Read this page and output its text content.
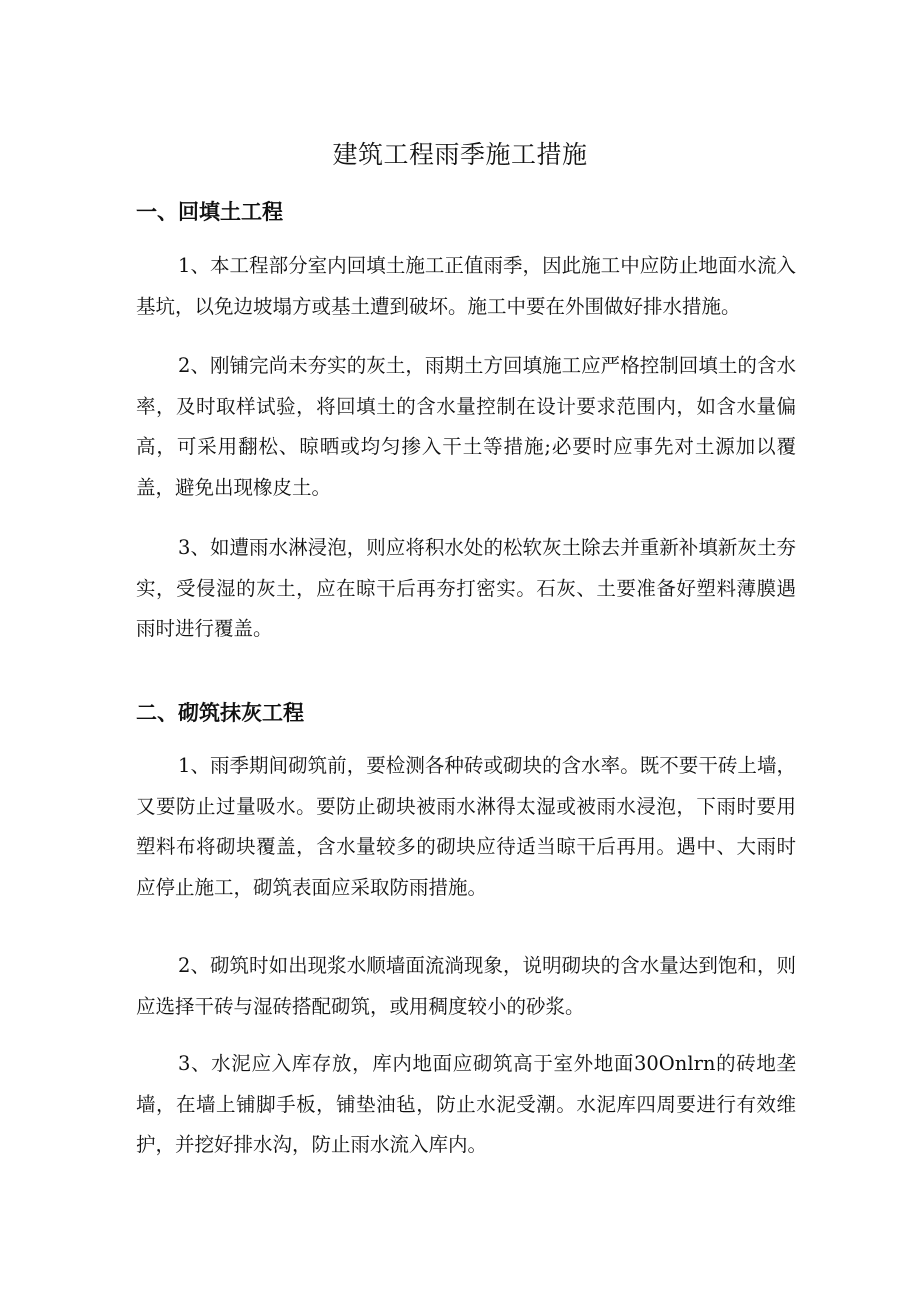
建筑工程雨季施工措施
一、回填土工程

1、本工程部分室内回填土施工正值雨季，因此施工中应防止地面水流入基坑，以免边坡塌方或基土遭到破坏。施工中要在外围做好排水措施。

2、刚铺完尚未夯实的灰土，雨期土方回填施工应严格控制回填土的含水率，及时取样试验，将回填土的含水量控制在设计要求范围内，如含水量偏高，可采用翻松、晾晒或均匀掺入干土等措施;必要时应事先对土源加以覆盖，避免出现橡皮土。

3、如遭雨水淋浸泡，则应将积水处的松软灰土除去并重新补填新灰土夯实，受侵湿的灰土，应在晾干后再夯打密实。石灰、土要准备好塑料薄膜遇雨时进行覆盖。

二、砌筑抹灰工程

1、雨季期间砌筑前，要检测各种砖或砌块的含水率。既不要干砖上墙，又要防止过量吸水。要防止砌块被雨水淋得太湿或被雨水浸泡，下雨时要用塑料布将砌块覆盖，含水量较多的砌块应待适当晾干后再用。遇中、大雨时应停止施工，砌筑表面应采取防雨措施。

2、砌筑时如出现浆水顺墙面流淌现象，说明砌块的含水量达到饱和，则应选择干砖与湿砖搭配砌筑，或用稠度较小的砂浆。

3、水泥应入库存放，库内地面应砌筑高于室外地面30Onlrn的砖地垄墙，在墙上铺脚手板，铺垫油毡，防止水泥受潮。水泥库四周要进行有效维护，并挖好排水沟，防止雨水流入库内。
